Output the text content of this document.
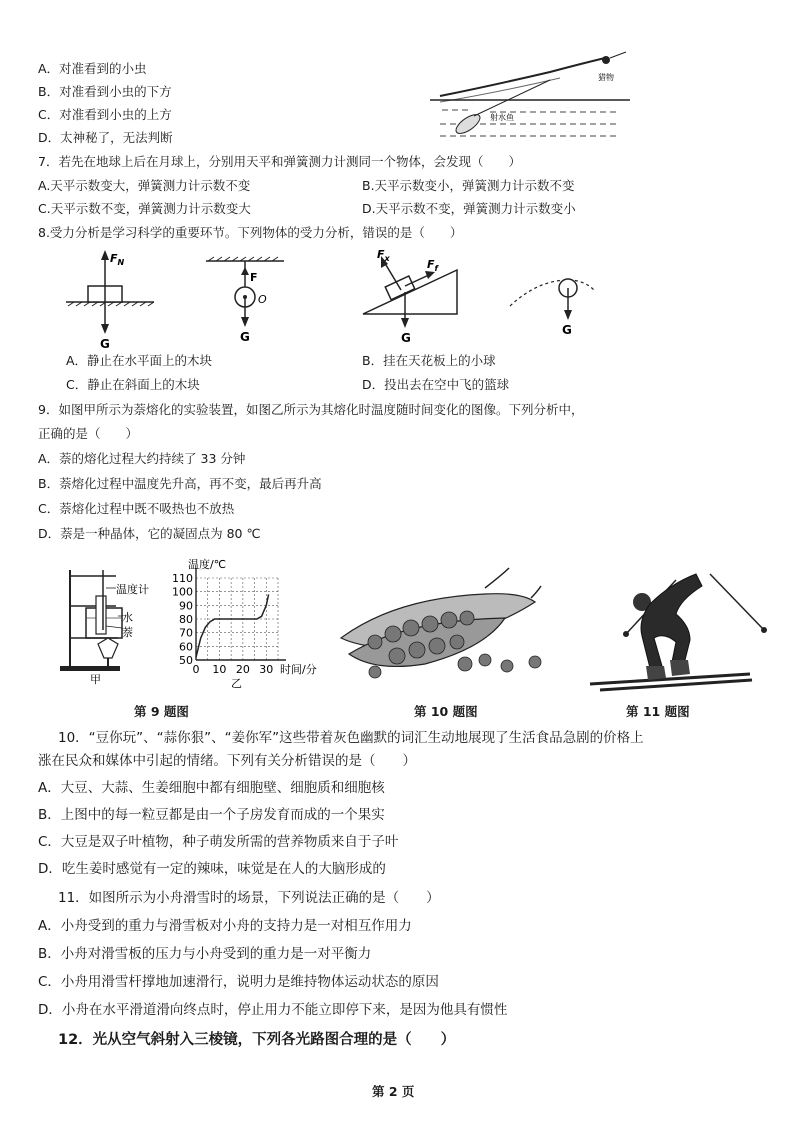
A．对准看到的小虫
B．对准看到小虫的下方
C．对准看到小虫的上方
D．太神秘了，无法判断
猎物
射水鱼
7．若先在地球上后在月球上，分别用天平和弹簧测力计测同一个物体，会发现（　　）
A.天平示数变大，弹簧测力计示数不变	B.天平示数变小，弹簧测力计示数不变
C.天平示数不变，弹簧测力计示数变大	D.天平示数不变，弹簧测力计示数变小
8.受力分析是学习科学的重要环节。下列物体的受力分析，错误的是（　　）
$F_N$
G
F
O
G
$F_x$	$F_f$
G
G
A．静止在水平面上的木块	B．挂在天花板上的小球
C．静止在斜面上的木块	D．投出去在空中飞的篮球
9．如图甲所示为萘熔化的实验装置，如图乙所示为其熔化时温度随时间变化的图像。下列分析中，
正确的是（　　）
A．萘的熔化过程大约持续了 33 分钟
B．萘熔化过程中温度先升高，再不变，最后再升高
C．萘熔化过程中既不吸热也不放热
D．萘是一种晶体，它的凝固点为 80 ℃
温度计
水
萘
甲
0 10 20 30
50
60
70
80
90
100
110
温度/℃
时间/分
乙
第 9 题图	第 10 题图	第 11 题图
10．“豆你玩”、“蒜你狠”、“姜你军”这些带着灰色幽默的词汇生动地展现了生活食品急剧的价格上
涨在民众和媒体中引起的情绪。下列有关分析错误的是（　　）
A．大豆、大蒜、生姜细胞中都有细胞壁、细胞质和细胞核
B．上图中的每一粒豆都是由一个子房发育而成的一个果实
C．大豆是双子叶植物，种子萌发所需的营养物质来自于子叶
D．吃生姜时感觉有一定的辣味，味觉是在人的大脑形成的
11．如图所示为小舟滑雪时的场景，下列说法正确的是（　　）
A．小舟受到的重力与滑雪板对小舟的支持力是一对相互作用力
B．小舟对滑雪板的压力与小舟受到的重力是一对平衡力
C．小舟用滑雪杆撑地加速滑行，说明力是维持物体运动状态的原因
D．小舟在水平滑道滑向终点时，停止用力不能立即停下来，是因为他具有惯性
12．光从空气斜射入三棱镜，下列各光路图合理的是（　　）
第 2 页
